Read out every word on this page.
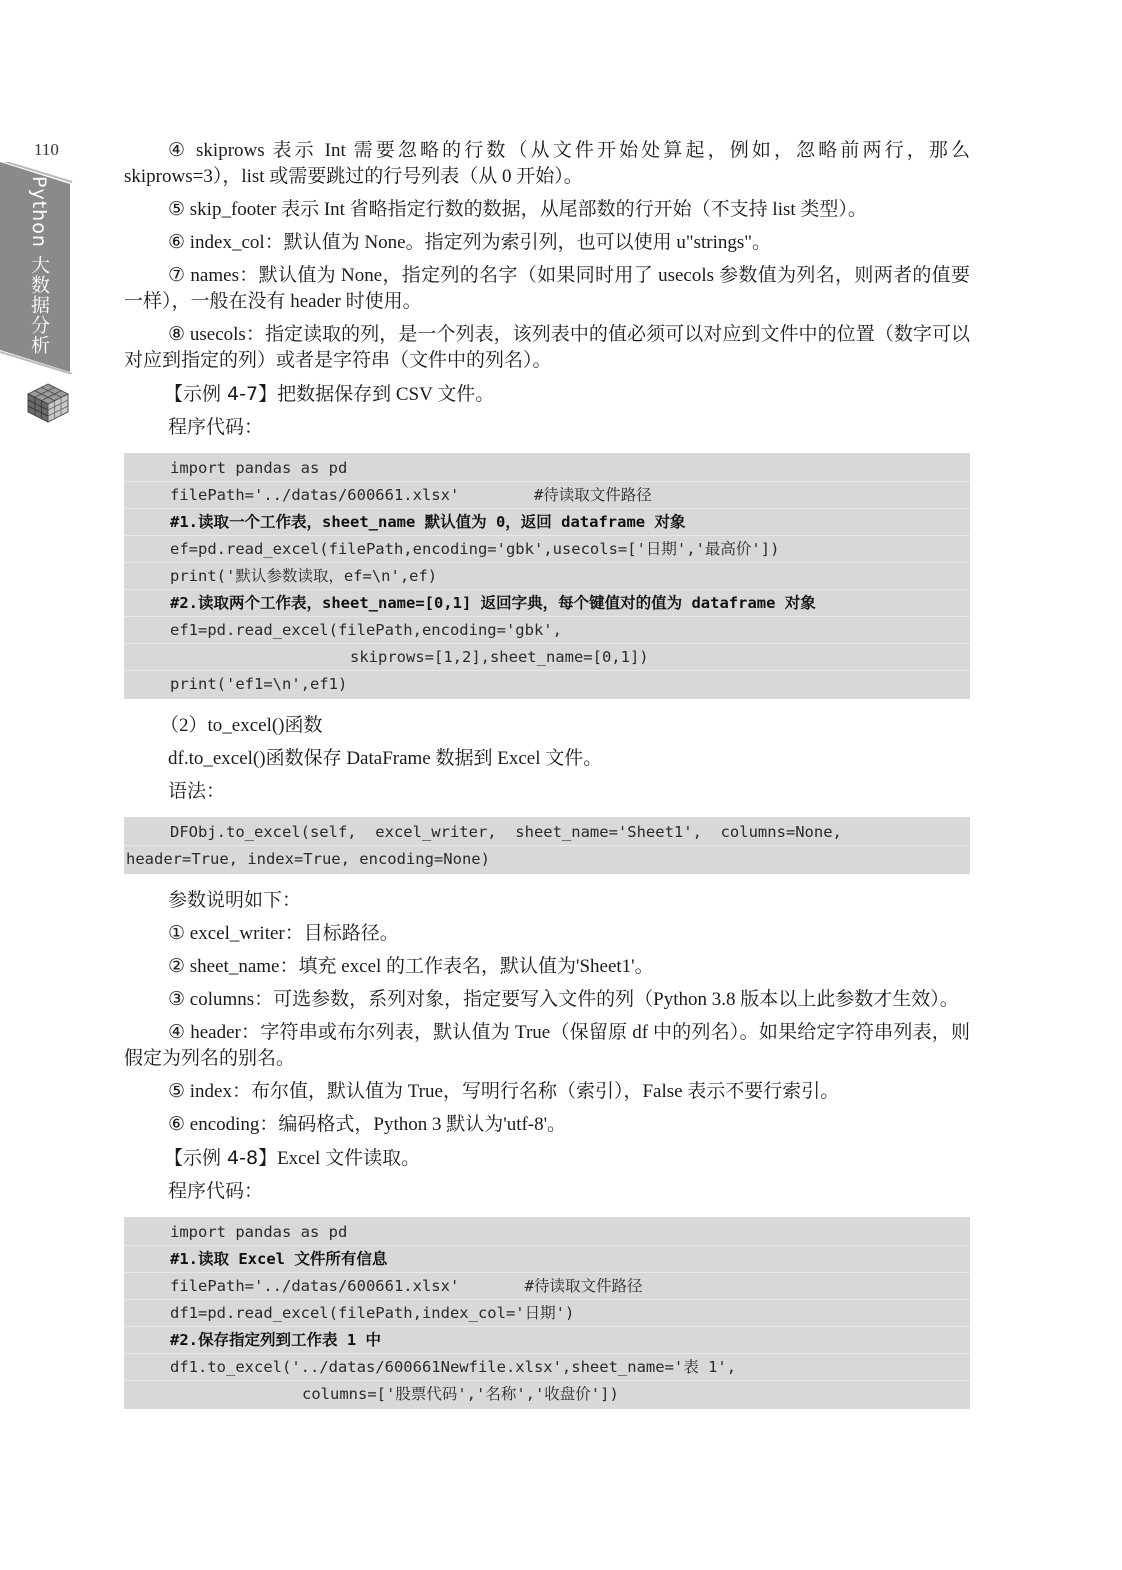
110
Python 大数据分析

④ skiprows 表示 Int 需要忽略的行数（从文件开始处算起，例如，忽略前两行，那么 skiprows=3），list 或需要跳过的行号列表（从 0 开始）。

⑤ skip_footer 表示 Int 省略指定行数的数据，从尾部数的行开始（不支持 list 类型）。

⑥ index_col：默认值为 None。指定列为索引列，也可以使用 u"strings"。

⑦ names：默认值为 None，指定列的名字（如果同时用了 usecols 参数值为列名，则两者的值要一样），一般在没有 header 时使用。

⑧ usecols：指定读取的列，是一个列表，该列表中的值必须可以对应到文件中的位置（数字可以对应到指定的列）或者是字符串（文件中的列名）。

【示例 4-7】把数据保存到 CSV 文件。

程序代码：

import pandas as pd
filePath='../datas/600661.xlsx'        #待读取文件路径
#1.读取一个工作表，sheet_name 默认值为 0，返回 dataframe 对象
ef=pd.read_excel(filePath,encoding='gbk',usecols=['日期','最高价'])
print('默认参数读取，ef=\n',ef)
#2.读取两个工作表，sheet_name=[0,1] 返回字典，每个键值对的值为 dataframe 对象
ef1=pd.read_excel(filePath,encoding='gbk',
skiprows=[1,2],sheet_name=[0,1])
print('ef1=\n',ef1)

（2）to_excel()函数

df.to_excel()函数保存 DataFrame 数据到 Excel 文件。

语法：

DFObj.to_excel(self,  excel_writer,  sheet_name='Sheet1',  columns=None,
header=True, index=True, encoding=None)

参数说明如下：

① excel_writer：目标路径。

② sheet_name：填充 excel 的工作表名，默认值为'Sheet1'。

③ columns：可选参数，系列对象，指定要写入文件的列（Python 3.8 版本以上此参数才生效）。

④ header：字符串或布尔列表，默认值为 True（保留原 df 中的列名）。如果给定字符串列表，则假定为列名的别名。

⑤ index：布尔值，默认值为 True，写明行名称（索引），False 表示不要行索引。

⑥ encoding：编码格式，Python 3 默认为'utf-8'。

【示例 4-8】Excel 文件读取。

程序代码：

import pandas as pd
#1.读取 Excel 文件所有信息
filePath='../datas/600661.xlsx'       #待读取文件路径
df1=pd.read_excel(filePath,index_col='日期')
#2.保存指定列到工作表 1 中
df1.to_excel('../datas/600661Newfile.xlsx',sheet_name='表 1',
columns=['股票代码','名称','收盘价'])
